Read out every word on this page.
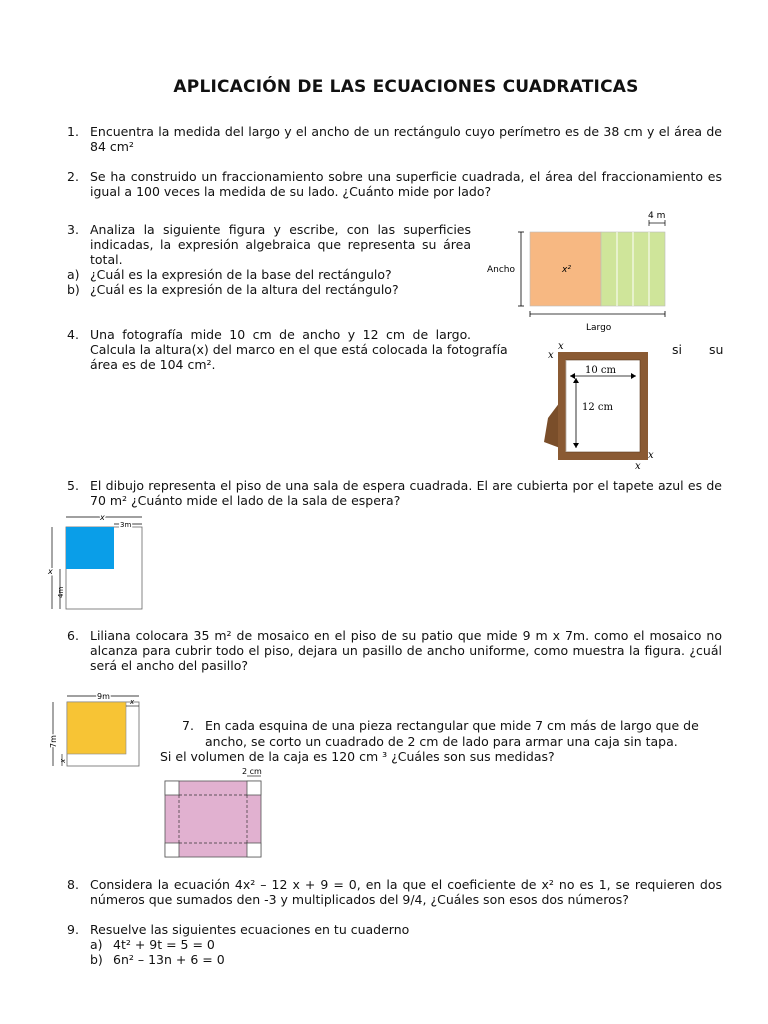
APLICACIÓN DE LAS ECUACIONES CUADRATICAS
1. Encuentra la medida del largo y el ancho de un rectángulo cuyo perímetro es de 38 cm y el área de 84 cm²
2. Se ha construido un fraccionamiento sobre una superficie cuadrada, el área del fraccionamiento es igual a 100 veces la medida de su lado. ¿Cuánto mide por lado?
3. Analiza la siguiente figura y escribe, con las superficies indicadas, la expresión algebraica que representa su área total.
a) ¿Cuál es la expresión de la base del rectángulo?
b) ¿Cuál es la expresión de la altura del rectángulo?
4 m
Ancho	x²
Largo
4. Una fotografía mide 10 cm de ancho y 12 cm de largo.
Calcula la altura(x) del marco en el que está colocada la fotografía	si su
área es de 104 cm².	10 cm
12 cm
x
x
x
x
5. El dibujo representa el piso de una sala de espera cuadrada. El are cubierta por el tapete azul es de 70 m² ¿Cuánto mide el lado de la sala de espera?
x
3m
x
4m
6. Liliana colocara 35 m² de mosaico en el piso de su patio que mide 9 m x 7m. como el mosaico no alcanza para cubrir todo el piso, dejara un pasillo de ancho uniforme, como muestra la figura. ¿cuál será el ancho del pasillo?
9m
x
7m
x
7. En cada esquina de una pieza rectangular que mide 7 cm más de largo que de
ancho, se corto un cuadrado de 2 cm de lado para armar una caja sin tapa.
Si el volumen de la caja es 120 cm ³ ¿Cuáles son sus medidas?
2 cm
8. Considera la ecuación 4x² – 12 x + 9 = 0, en la que el coeficiente de x² no es 1, se requieren dos números que sumados den -3 y multiplicados del 9/4, ¿Cuáles son esos dos números?
9. Resuelve las siguientes ecuaciones en tu cuaderno
a) 4t² + 9t = 5 = 0
b) 6n² – 13n + 6 = 0
